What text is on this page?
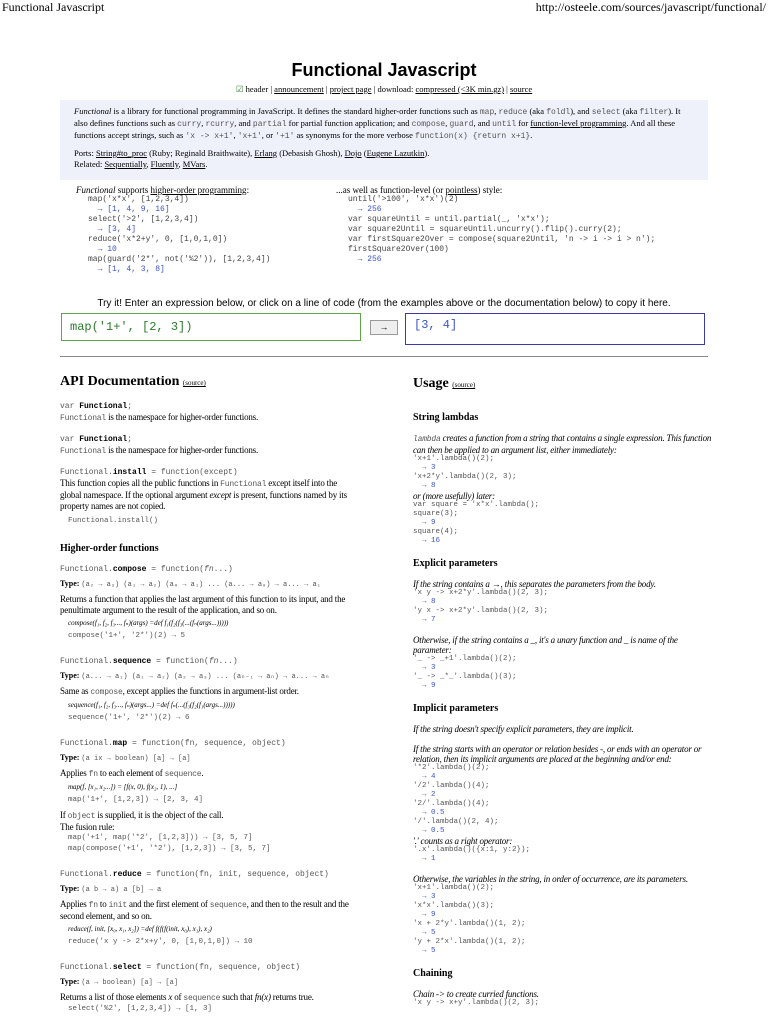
Functional Javascript	http://osteele.com/sources/javascript/functional/
Functional Javascript
☑ header | announcement | project page | download: compressed (<3K min.gz) | source

Functional is a library for functional programming in JavaScript. It defines the standard higher-order functions such as map, reduce (aka foldl), and select (aka filter). It also defines functions such as curry, rcurry, and partial for partial function application; and compose, guard, and until for function-level programming. And all these functions accept strings, such as 'x -> x+1', 'x+1', or '+1' as synonyms for the more verbose function(x) {return x+1}.

Ports: String#to_proc (Ruby; Reginald Braithwaite), Erlang (Debasish Ghosh), Dojo (Eugene Lazutkin).
Related: Sequentially, Fluently, MVars.
Functional supports higher-order programming:
map('x*x', [1,2,3,4])
→ [1, 4, 9, 16]
select('>2', [1,2,3,4])
→ [3, 4]
reduce('x*2+y', 0, [1,0,1,0])
→ 10
map(guard('2*', not('%2')), [1,2,3,4])
→ [1, 4, 3, 8]
...as well as function-level (or pointless) style:
until('>100', 'x*x')(2)
→ 256
var squareUntil = until.partial(_, 'x*x');
var square2Until = squareUntil.uncurry().flip().curry(2);
var firstSquare2Over = compose(square2Until, 'n -> i -> i > n');
firstSquare2Over(100)
→ 256
Try it! Enter an expression below, or click on a line of code (from the examples above or the documentation below) to copy it here.
map('1+', [2, 3])
→	[3, 4]
API Documentation (source)
var Functional;
Functional is the namespace for higher-order functions.
var Functional;
Functional is the namespace for higher-order functions.
Functional.install = function(except)
This function copies all the public functions in Functional except itself into the global namespace. If the optional argument except is present, functions named by its property names are not copied.
Functional.install()
Higher-order functions
Functional.compose = function(fn...)
Type: (a₂ → a₃) (a₁ → a₂) (a₀ → a₁) ... (a... → a₀) → a... → a₁
Returns a function that applies the last argument of this function to its input, and the penultimate argument to the result of the application, and so on.
compose(f₁, f₂, f₃..., fₙ)(args) =def f₁(f₂(f₃(...(fₙ(args...)))))
compose('1+', '2*')(2) → 5
Functional.sequence = function(fn...)
Type: (a... → a₁) (a₁ → a₂) (a₂ → a₃) ... (aₙ₋₁ → aₙ) → a... → aₙ
Same as compose, except applies the functions in argument-list order.
sequence(f₁, f₂, f₃..., fₙ)(args...) =def fₙ(...(f₃(f₂(f₁(args...)))))
sequence('1+', '2*')(2) → 6
Functional.map = function(fn, sequence, object)
Type: (a ix → boolean) [a] → [a]
Applies fn to each element of sequence.
map(f, [x₁, x₂...]) = [f(x, 0), f(x₂, 1), ...]
map('1+', [1,2,3]) → [2, 3, 4]
If object is supplied, it is the object of the call.
The fusion rule:
map('+1', map('*2', [1,2,3])) → [3, 5, 7]
map(compose('+1', '*2'), [1,2,3]) → [3, 5, 7]
Functional.reduce = function(fn, init, sequence, object)
Type: (a b → a) a [b] → a
Applies fn to init and the first element of sequence, and then to the result and the second element, and so on.
reduce(f, init, [x₀, x₁, x₂]) =def f(f(f(init, x₀), x₁), x₂)
reduce('x y -> 2*x+y', 0, [1,0,1,0]) → 10
Functional.select = function(fn, sequence, object)
Type: (a → boolean) [a] → [a]
Returns a list of those elements x of sequence such that fn(x) returns true.
select('%2', [1,2,3,4]) → [1, 3]
Usage (source)
String lambdas
lambda creates a function from a string that contains a single expression. This function can then be applied to an argument list, either immediately:
'x+1'.lambda()(2);
→ 3
'x+2*y'.lambda()(2, 3);
→ 8
or (more usefully) later:
var square = 'x*x'.lambda();
square(3);
→ 9
square(4);
→ 16
Explicit parameters
If the string contains a →, this separates the parameters from the body.
'x y -> x+2*y'.lambda()(2, 3);
→ 8
'y x -> x+2*y'.lambda()(2, 3);
→ 7
Otherwise, if the string contains a _, it's a unary function and _ is name of the parameter:
'_ -> _+1'.lambda()(2);
→ 3
'_ -> _*_'.lambda()(3);
→ 9
Implicit parameters
If the string doesn't specify explicit parameters, they are implicit.
If the string starts with an operator or relation besides -, or ends with an operator or relation, then its implicit arguments are placed at the beginning and/or end:
'*2'.lambda()(2);
→ 4
'/2'.lambda()(4);
→ 2
'2/'.lambda()(4);
→ 0.5
'/'.lambda()(2, 4);
→ 0.5
'.' counts as a right operator:
'.x'.lambda()({x:1, y:2});
→ 1
Otherwise, the variables in the string, in order of occurrence, are its parameters.
'x+1'.lambda()(2);
→ 3
'x*x'.lambda()(3);
→ 9
'x + 2*y'.lambda()(1, 2);
→ 5
'y + 2*x'.lambda()(1, 2);
→ 5
Chaining
Chain -> to create curried functions.
'x y -> x+y'.lambda()(2, 3);
